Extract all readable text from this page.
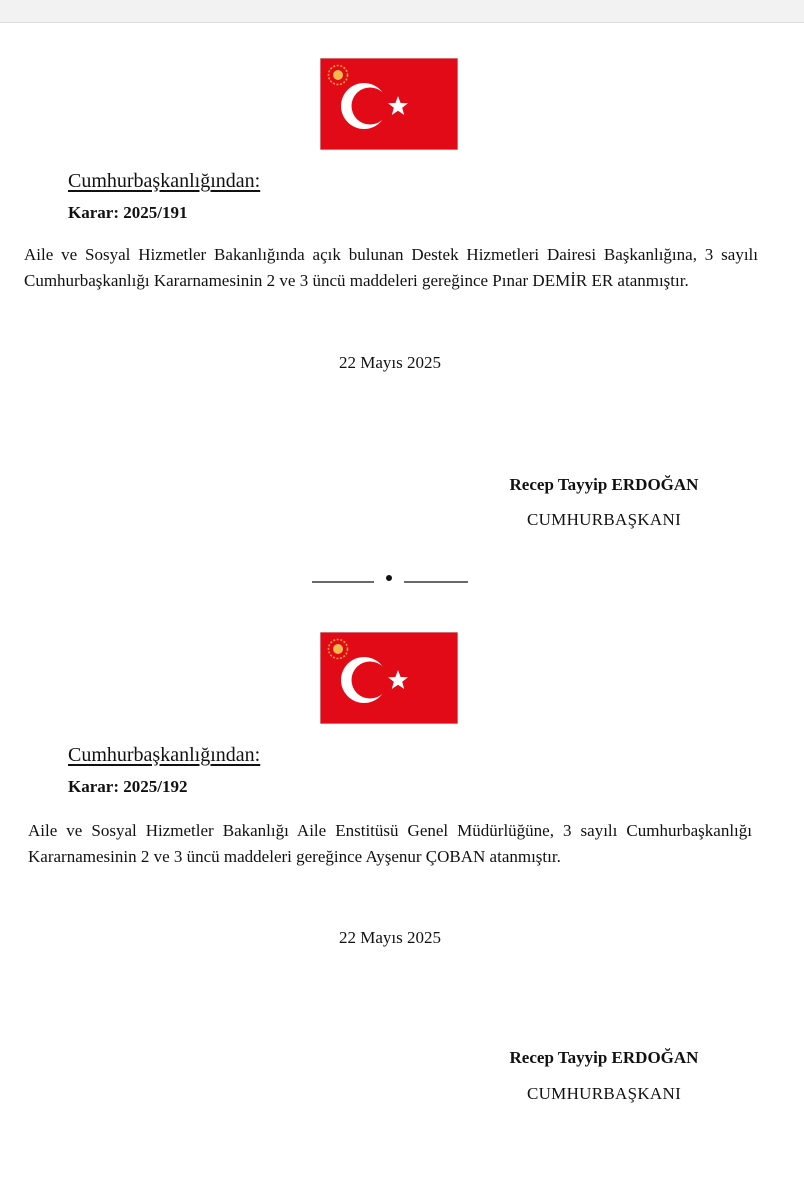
Cumhurbaşkanlığından:
Karar: 2025/191

Aile ve Sosyal Hizmetler Bakanlığında açık bulunan Destek Hizmetleri Dairesi Başkanlığına, 3 sayılı Cumhurbaşkanlığı Kararnamesinin 2 ve 3 üncü maddeleri gereğince Pınar DEMİR ER atanmıştır.

22 Mayıs 2025
Recep Tayyip ERDOĞAN
CUMHURBAŞKANI
Cumhurbaşkanlığından:
Karar: 2025/192

Aile ve Sosyal Hizmetler Bakanlığı Aile Enstitüsü Genel Müdürlüğüne, 3 sayılı Cumhurbaşkanlığı Kararnamesinin 2 ve 3 üncü maddeleri gereğince Ayşenur ÇOBAN atanmıştır.

22 Mayıs 2025
Recep Tayyip ERDOĞAN
CUMHURBAŞKANI
